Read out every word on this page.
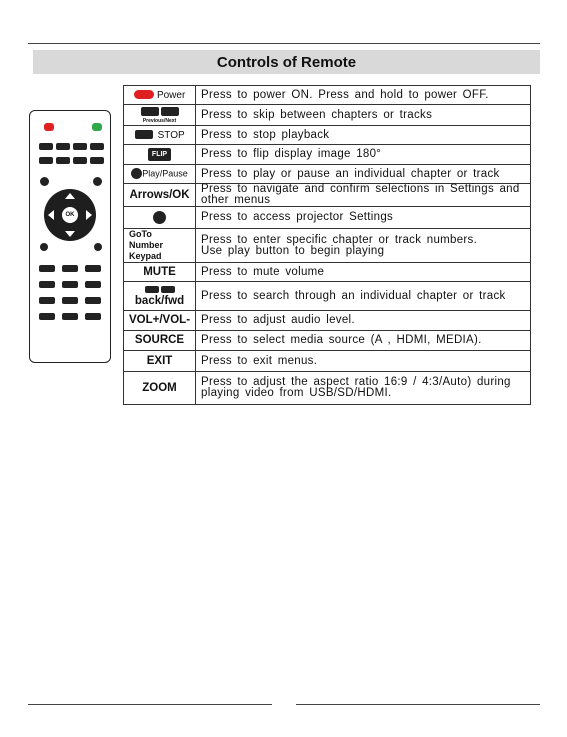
Controls of Remote
OK
Power	Press to power ON. Press and hold to power OFF.

Previous/Next	Press to skip between chapters or tracks
STOP	Press to stop playback
FLIP	Press to flip display image 180°
Play/Pause	Press to play or pause an individual chapter or track
Arrows/OK	Press to navigate and confirm selections in Settings and other menus
	Press to access projector Settings
GoTo
Number Keypad	Press to enter specific chapter or track numbers.
Use play button to begin playing
MUTE	Press to mute volume

back/fwd	Press to search through an individual chapter or track
VOL+/VOL-	Press to adjust audio level.
SOURCE	Press to select media source (A , HDMI, MEDIA).
EXIT	Press to exit menus.
ZOOM	Press to adjust the aspect ratio 16:9 / 4:3/Auto) during playing video from USB/SD/HDMI.
